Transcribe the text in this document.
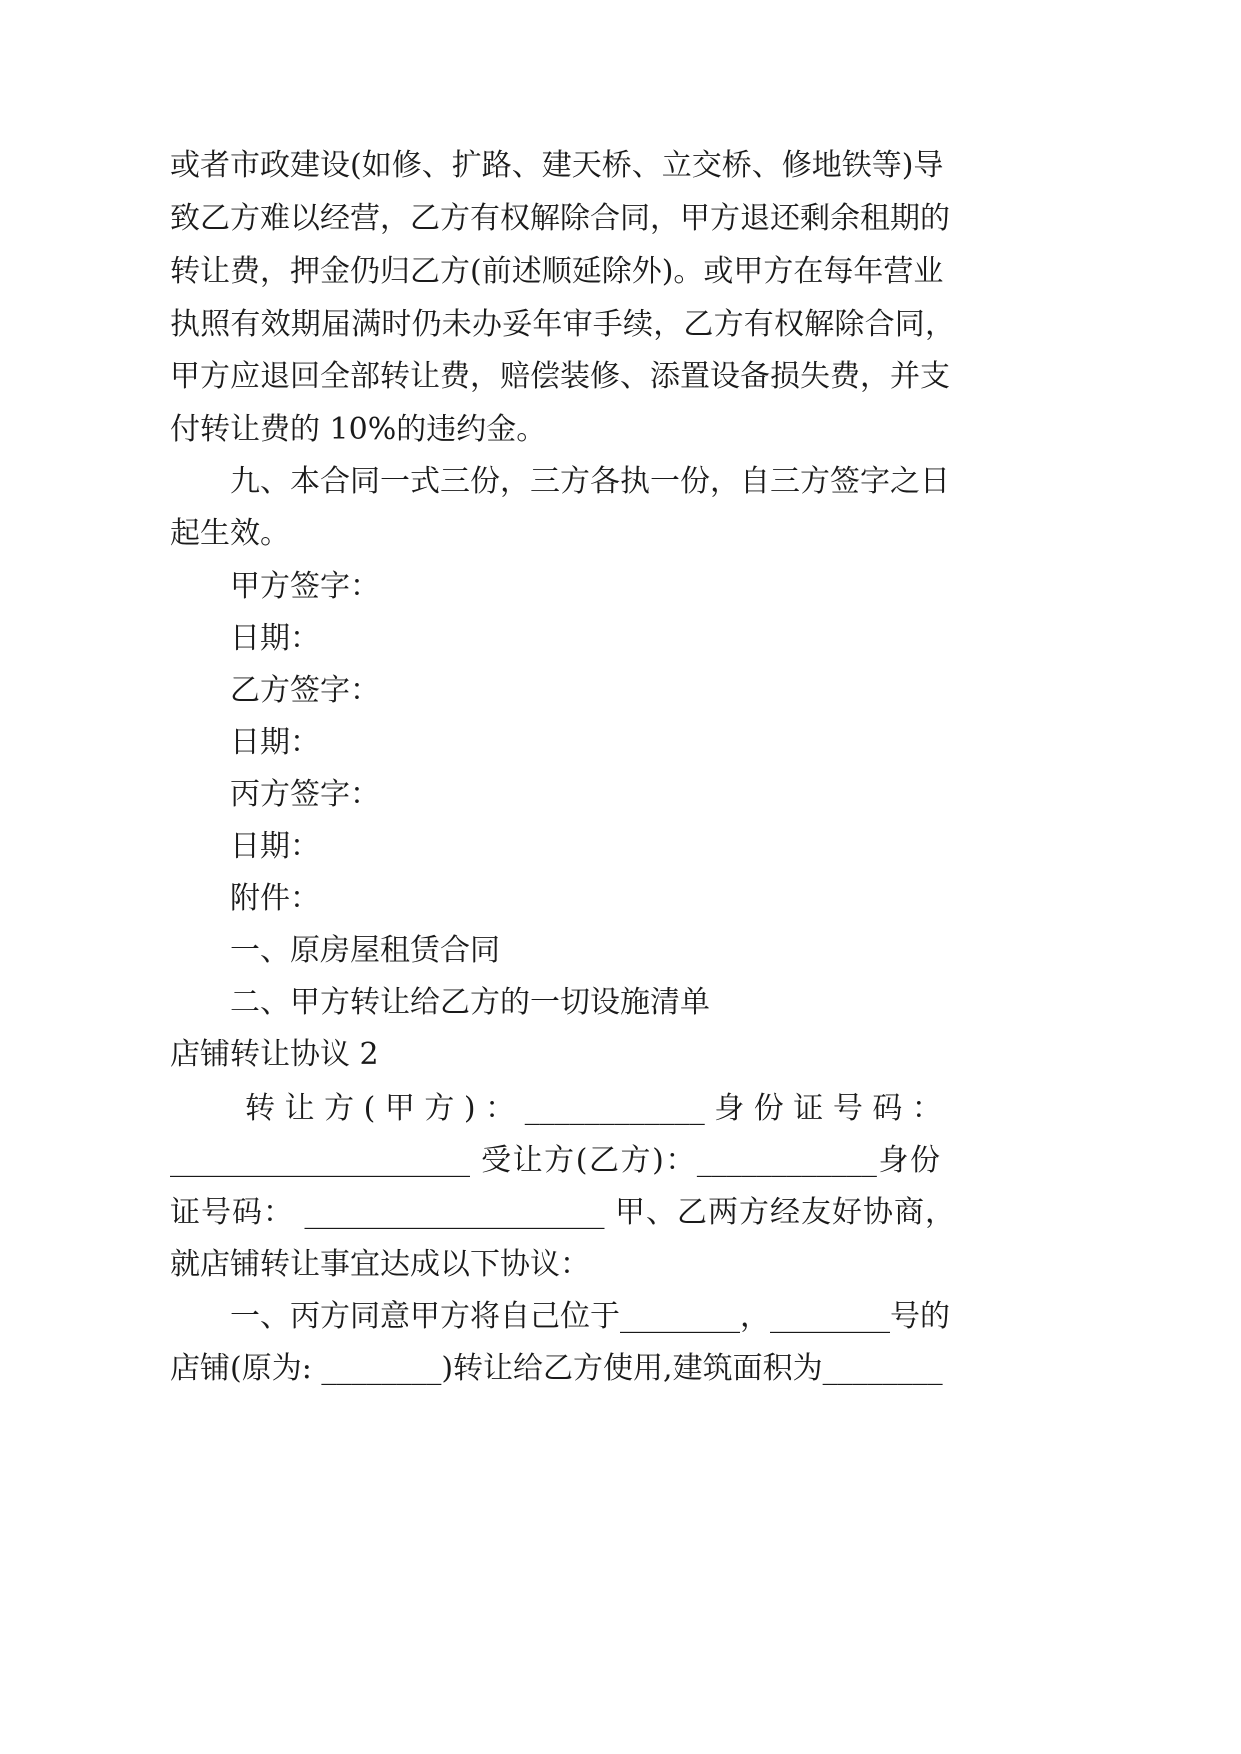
或者市政建设(如修、扩路、建天桥、立交桥、修地铁等)导

致乙方难以经营，乙方有权解除合同，甲方退还剩余租期的

转让费，押金仍归乙方(前述顺延除外)。或甲方在每年营业

执照有效期届满时仍未办妥年审手续，乙方有权解除合同，

甲方应退回全部转让费，赔偿装修、添置设备损失费，并支

付转让费的 10%的违约金。

九、本合同一式三份，三方各执一份，自三方签字之日

起生效。

甲方签字：

日期：

乙方签字：

日期：

丙方签字：

日期：

附件：

一、原房屋租赁合同

二、甲方转让给乙方的一切设施清单

店铺转让协议 2

转 让 方 ( 甲 方 ) ： ____________ 身 份 证 号 码 ：

____________________ 受让方(乙方)：____________身份

证号码： ____________________ 甲、乙两方经友好协商，

就店铺转让事宜达成以下协议：

一、丙方同意甲方将自己位于________，________号的

店铺(原为: ________)转让给乙方使用,建筑面积为________
